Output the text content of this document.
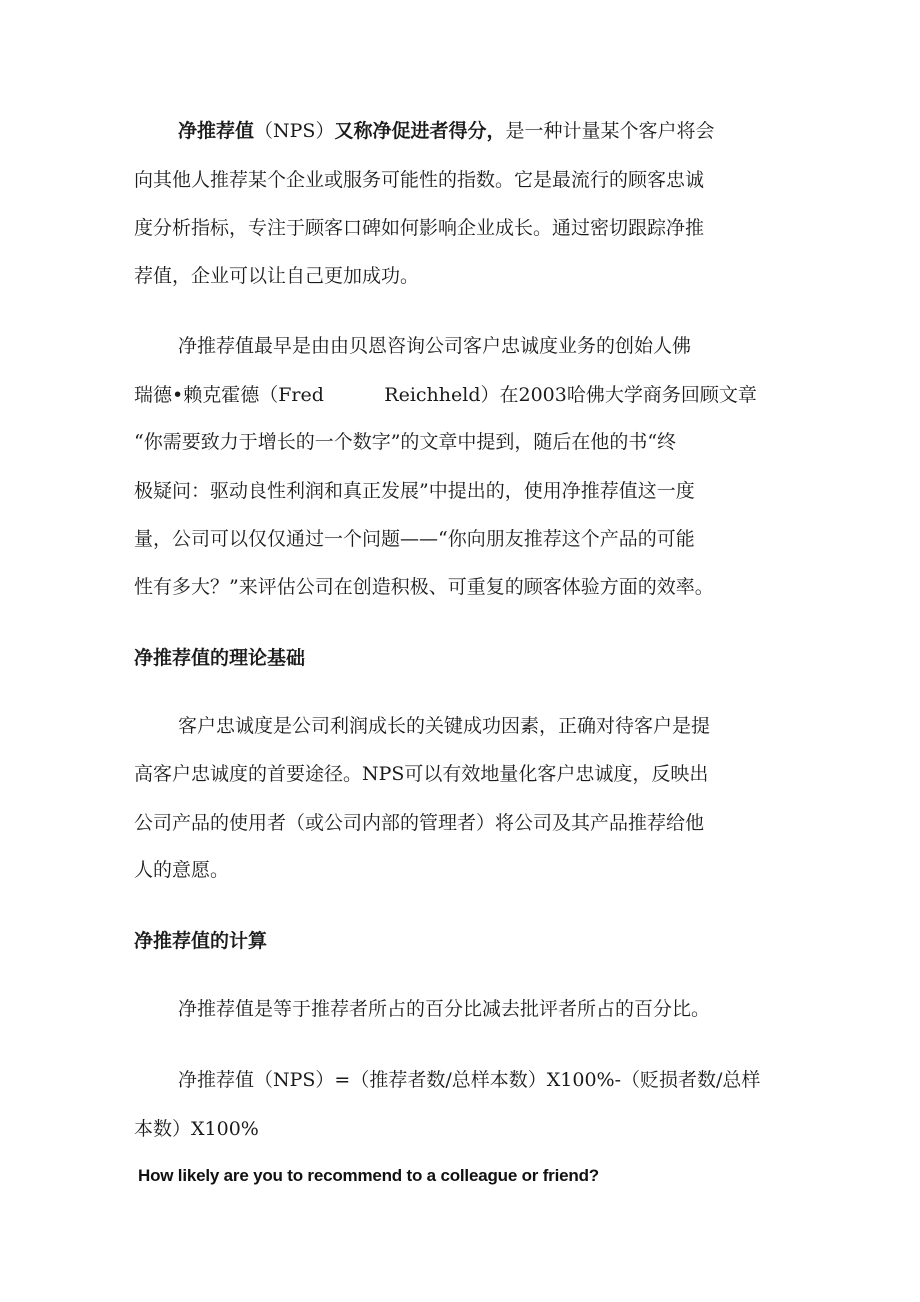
净推荐值（NPS）又称净促进者得分，是一种计量某个客户将会

向其他人推荐某个企业或服务可能性的指数。它是最流行的顾客忠诚

度分析指标，专注于顾客口碑如何影响企业成长。通过密切跟踪净推

荐值，企业可以让自己更加成功。

净推荐值最早是由由贝恩咨询公司客户忠诚度业务的创始人佛

瑞德•赖克霍德（Fred          Reichheld）在2003哈佛大学商务回顾文章

“你需要致力于增长的一个数字”的文章中提到，随后在他的书“终

极疑问：驱动良性利润和真正发展”中提出的，使用净推荐值这一度

量，公司可以仅仅通过一个问题——“你向朋友推荐这个产品的可能

性有多大？”来评估公司在创造积极、可重复的顾客体验方面的效率。

净推荐值的理论基础

客户忠诚度是公司利润成长的关键成功因素，正确对待客户是提

高客户忠诚度的首要途径。NPS可以有效地量化客户忠诚度，反映出

公司产品的使用者（或公司内部的管理者）将公司及其产品推荐给他

人的意愿。

净推荐值的计算

净推荐值是等于推荐者所占的百分比减去批评者所占的百分比。

净推荐值（NPS）=（推荐者数/总样本数）X100%-（贬损者数/总样

本数）X100%

How likely are you to recommend to a colleague or friend?
